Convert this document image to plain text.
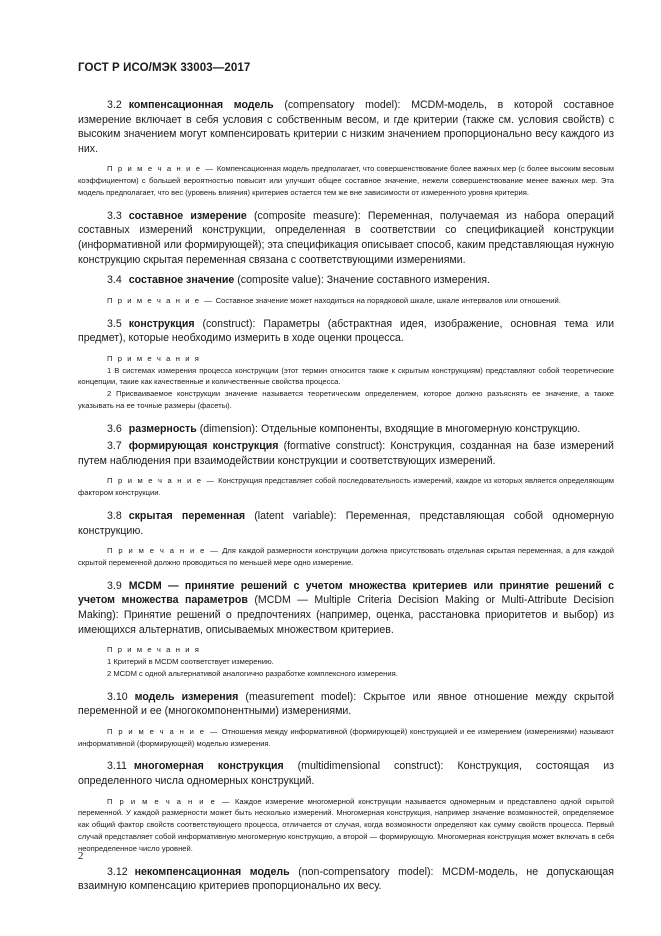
ГОСТ Р ИСО/МЭК 33003—2017

3.2 компенсационная модель (compensatory model): MCDM-модель, в которой составное измерение включает в себя условия с собственным весом, и где критерии (также см. условия свойств) с высоким значением могут компенсировать критерии с низким значением пропорционально весу каждого из них.

П р и м е ч а н и е — Компенсационная модель предполагает, что совершенствование более важных мер (с более высоким весовым коэффициентом) с большей вероятностью повысит или улучшит общее составное значение, нежели совершенствование менее важных мер. Эта модель предполагает, что вес (уровень влияния) критериев остается тем же вне зависимости от измеренного уровня критерия.

3.3 составное измерение (composite measure): Переменная, получаемая из набора операций составных измерений конструкции, определенная в соответствии со спецификацией конструкции (информативной или формирующей); эта спецификация описывает способ, каким представляющая нужную конструкцию скрытая переменная связана с соответствующими измерениями.

3.4 составное значение (composite value): Значение составного измерения.

П р и м е ч а н и е — Составное значение может находиться на порядковой шкале, шкале интервалов или отношений.

3.5 конструкция (construct): Параметры (абстрактная идея, изображение, основная тема или предмет), которые необходимо измерить в ходе оценки процесса.

П р и м е ч а н и я

1 В системах измерения процесса конструкции (этот термин относится также к скрытым конструкциям) представляют собой теоретические концепции, такие как качественные и количественные свойства процесса.

2 Присваиваемое конструкции значение называется теоретическим определением, которое должно разъяснять ее значение, а также указывать на ее точные размеры (фасеты).

3.6 размерность (dimension): Отдельные компоненты, входящие в многомерную конструкцию.

3.7 формирующая конструкция (formative construct): Конструкция, созданная на базе измерений путем наблюдения при взаимодействии конструкции и соответствующих измерений.

П р и м е ч а н и е — Конструкция представляет собой последовательность измерений, каждое из которых является определяющим фактором конструкции.

3.8 скрытая переменная (latent variable): Переменная, представляющая собой одномерную конструкцию.

П р и м е ч а н и е — Для каждой размерности конструкции должна присутствовать отдельная скрытая переменная, а для каждой скрытой переменной должно проводиться по меньшей мере одно измерение.

3.9 MCDM — принятие решений с учетом множества критериев или принятие решений с учетом множества параметров (MCDM — Multiple Criteria Decision Making or Multi-Attribute Decision Making): Принятие решений о предпочтениях (например, оценка, расстановка приоритетов и выбор) из имеющихся альтернатив, описываемых множеством критериев.

П р и м е ч а н и я

1 Критерий в MCDM соответствует измерению.

2 MCDM с одной альтернативой аналогично разработке комплексного измерения.

3.10 модель измерения (measurement model): Скрытое или явное отношение между скрытой переменной и ее (многокомпонентными) измерениями.

П р и м е ч а н и е — Отношения между информативной (формирующей) конструкцией и ее измерением (измерениями) называют информативной (формирующей) моделью измерения.

3.11 многомерная конструкция (multidimensional construct): Конструкция, состоящая из определенного числа одномерных конструкций.

П р и м е ч а н и е — Каждое измерение многомерной конструкции называется одномерным и представлено одной скрытой переменной. У каждой размерности может быть несколько измерений. Многомерная конструкция, например значение возможностей, определяемое как общий фактор свойств соответствующего процесса, отличается от случая, когда возможности определяют как сумму свойств процесса. Первый случай представляет собой информативную многомерную конструкцию, а второй — формирующую. Многомерная конструкция может включать в себя неопределенное число уровней.

3.12 некомпенсационная модель (non-compensatory model): MCDM-модель, не допускающая взаимную компенсацию критериев пропорционально их весу.

2
